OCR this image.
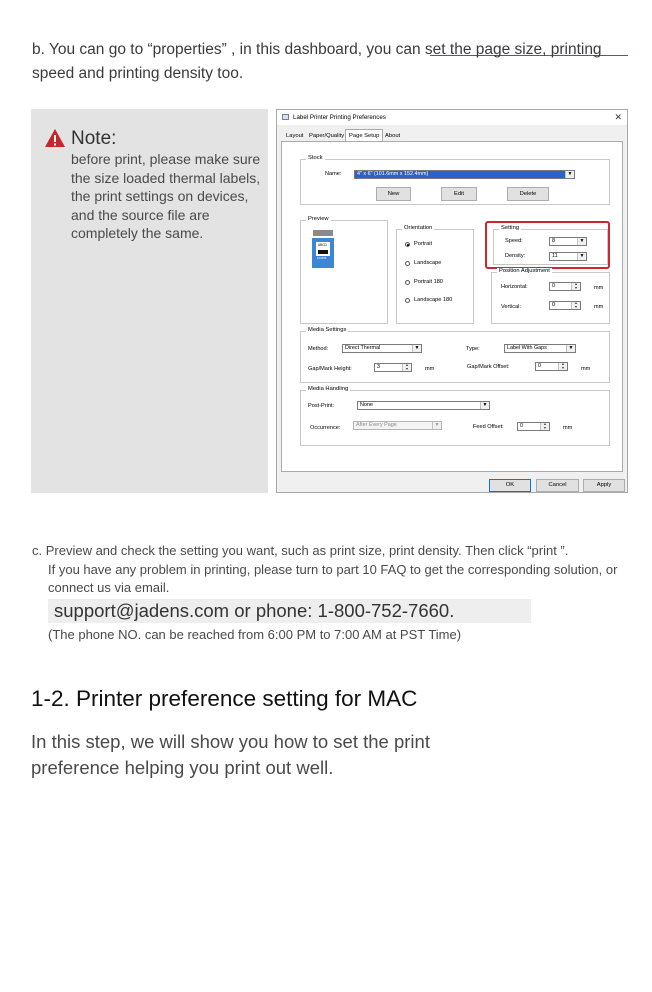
b. You can go to “properties” , in this dashboard, you can set the page size, printing speed and printing density too.
Note:
before print, please make sure the size loaded thermal labels, the print settings on devices, and the source file are completely the same.
Label Printer Printing Preferences	✕
Layout Paper/Quality Page Setup About
Stock
Name:	4" x 6" (101.6mm x 152.4mm)	▼
New	Edit	Delete
Preview
ABCD
123456
Orientation
Portrait
Landscape
Portrait 180
Landscape 180
Setting
Speed:	8	▼
Density:	11	▼
Position Adjustment
Horizontal:	0	▲
▼	mm
Vertical:	0	▲
▼	mm
Media Settings
Method:	Direct Thermal	▼	Type:	Label With Gaps	▼
Gap/Mark Height:	3	▲
▼	mm	Gap/Mark Offset:	0	▲
▼	mm
Media Handling
Post-Print:	None	▼
Occurrence:	After Every Page	▼	Feed Offset:	0	▲
▼	mm
OK	Cancel	Apply
c. Preview and check the setting you want, such as print size, print density. Then click “print ”.
If you have any problem in printing, please turn to part 10 FAQ to get the corresponding solution, or connect us via email.
support@jadens.com or phone: 1-800-752-7660.
(The phone NO. can be reached from 6:00 PM to 7:00 AM at PST Time)
1-2. Printer preference setting for MAC
In this step, we will show you how to set the print preference helping you print out well.
